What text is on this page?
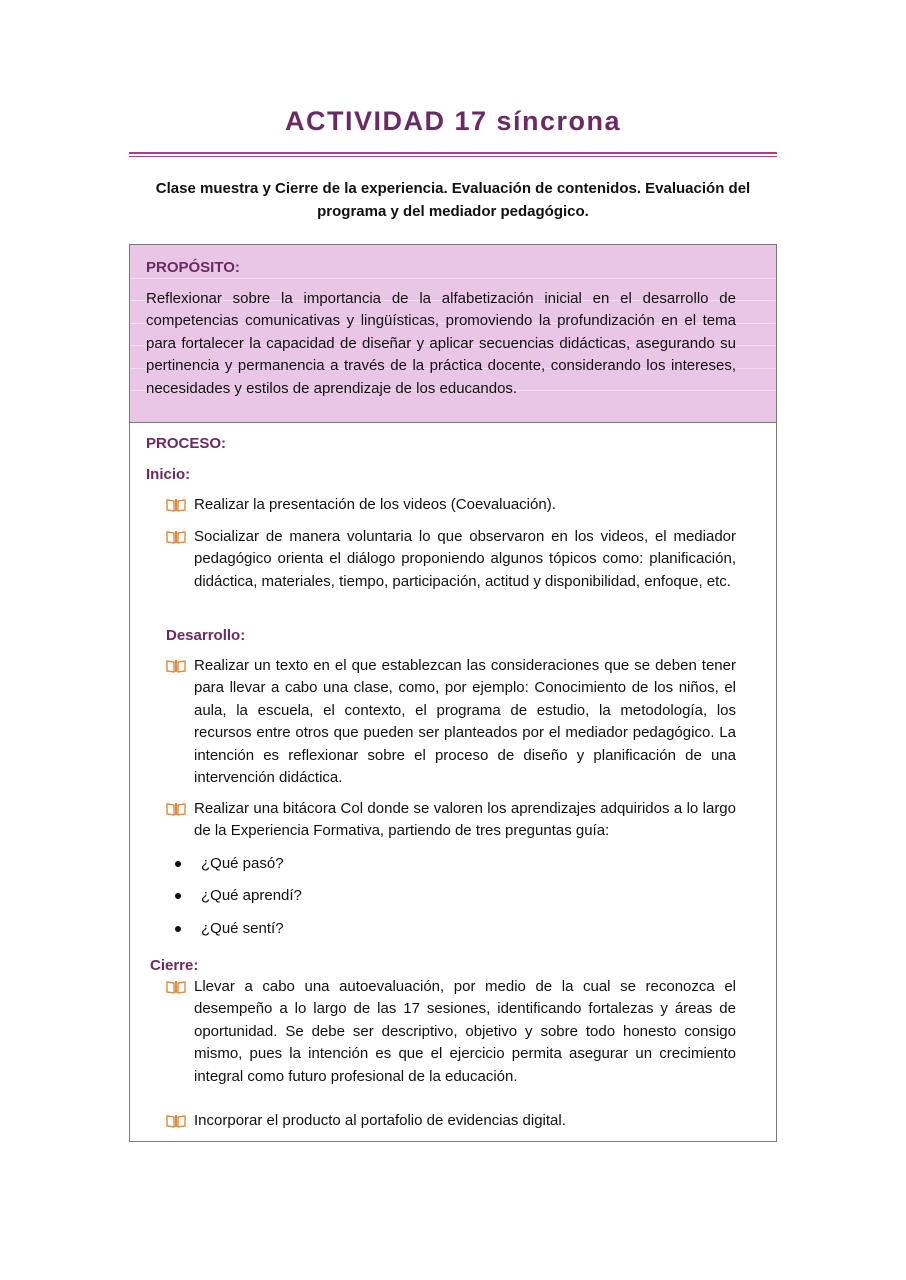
ACTIVIDAD 17 síncrona
Clase muestra y Cierre de la experiencia. Evaluación de contenidos. Evaluación del programa y del mediador pedagógico.
PROPÓSITO:
Reflexionar sobre la importancia de la alfabetización inicial en el desarrollo de competencias comunicativas y lingüísticas, promoviendo la profundización en el tema para fortalecer la capacidad de diseñar y aplicar secuencias didácticas, asegurando su pertinencia y permanencia a través de la práctica docente, considerando los intereses, necesidades y estilos de aprendizaje de los educandos.
PROCESO:
Inicio:
Realizar la presentación de los videos (Coevaluación).
Socializar de manera voluntaria lo que observaron en los videos, el mediador pedagógico orienta el diálogo proponiendo algunos tópicos como: planificación, didáctica, materiales, tiempo, participación, actitud y disponibilidad, enfoque, etc.
Desarrollo:
Realizar un texto en el que establezcan las consideraciones que se deben tener para llevar a cabo una clase, como, por ejemplo: Conocimiento de los niños, el aula, la escuela, el contexto, el programa de estudio, la metodología, los recursos entre otros que pueden ser planteados por el mediador pedagógico. La intención es reflexionar sobre el proceso de diseño y planificación de una intervención didáctica.
Realizar una bitácora Col donde se valoren los aprendizajes adquiridos a lo largo de la Experiencia Formativa, partiendo de tres preguntas guía:
¿Qué pasó?
¿Qué aprendí?
¿Qué sentí?
Cierre:
Llevar a cabo una autoevaluación, por medio de la cual se reconozca el desempeño a lo largo de las 17 sesiones, identificando fortalezas y áreas de oportunidad. Se debe ser descriptivo, objetivo y sobre todo honesto consigo mismo, pues la intención es que el ejercicio permita asegurar un crecimiento integral como futuro profesional de la educación.
Incorporar el producto al portafolio de evidencias digital.
